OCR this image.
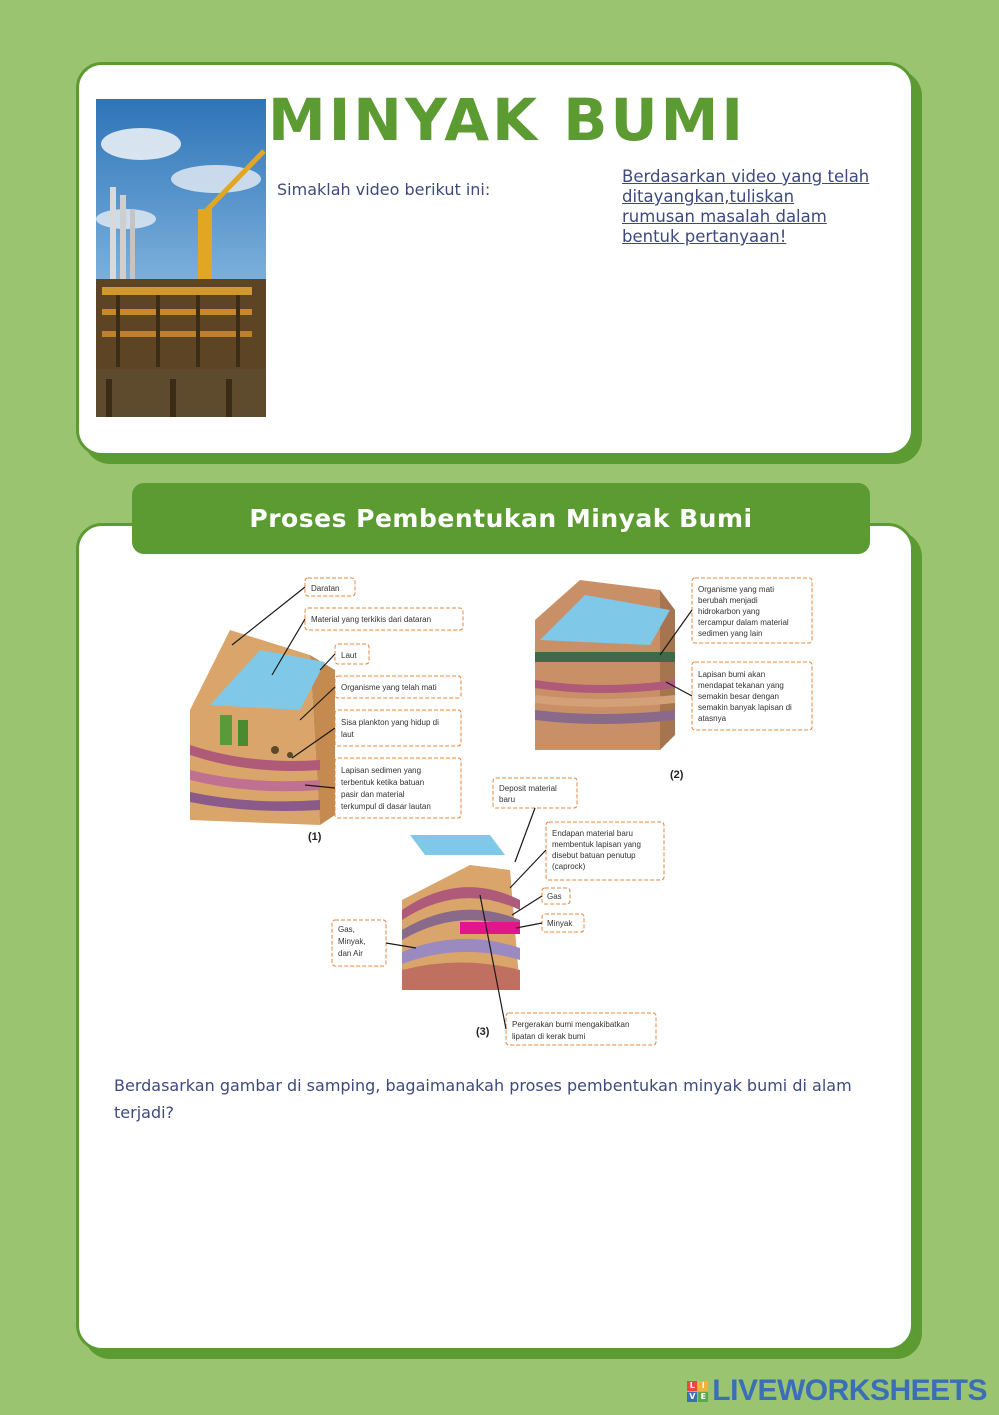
MINYAK BUMI
Simaklah video berikut ini:
Berdasarkan video yang telah ditayangkan,tuliskan rumusan masalah dalam bentuk pertanyaan!
Proses Pembentukan Minyak Bumi
Daratan
Material yang terkikis dari dataran
Laut
Organisme yang telah mati
Sisa plankton yang hidup di
laut
Lapisan sedimen yang
terbentuk ketika batuan
pasir dan material
terkumpul di dasar lautan
Organisme yang mati
berubah menjadi
hidrokarbon yang
tercampur dalam material
sedimen yang lain
Lapisan bumi akan
mendapat tekanan yang
semakin besar dengan
semakin banyak lapisan di
atasnya
Deposit material
baru
Endapan material baru
membentuk lapisan yang
disebut batuan penutup
(caprock)
Gas
Minyak
Gas,
Minyak,
dan Air
Pergerakan bumi mengakibatkan
lipatan di kerak bumi
(1)
(2)
(3)
Berdasarkan gambar di samping, bagaimanakah proses pembentukan minyak bumi di alam terjadi?
L I
V E LIVEWORKSHEETS
